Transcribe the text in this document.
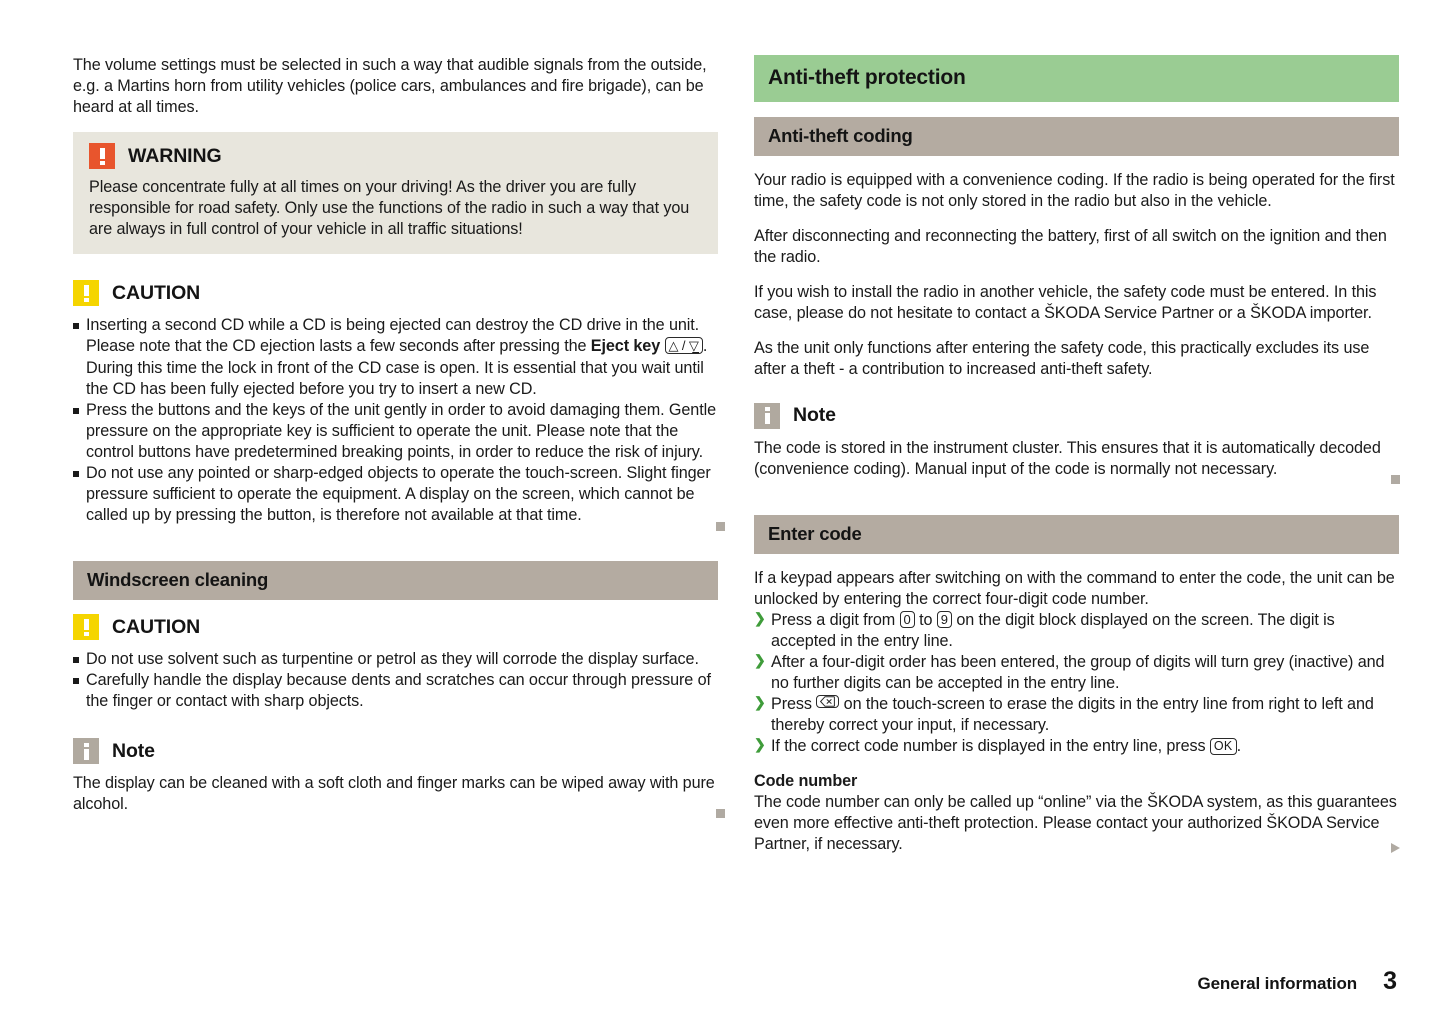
The volume settings must be selected in such a way that audible signals from the outside, e.g. a Martins horn from utility vehicles (police cars, ambulances and fire brigade), can be heard at all times.

WARNING
Please concentrate fully at all times on your driving! As the driver you are fully responsible for road safety. Only use the functions of the radio in such a way that you are always in full control of your vehicle in all traffic situations!
CAUTION
Inserting a second CD while a CD is being ejected can destroy the CD drive in the unit. Please note that the CD ejection lasts a few seconds after pressing the Eject key △ / ▽̲ . During this time the lock in front of the CD case is open. It is essential that you wait until the CD has been fully ejected before you try to insert a new CD.
Press the buttons and the keys of the unit gently in order to avoid damaging them. Gentle pressure on the appropriate key is sufficient to operate the unit. Please note that the control buttons have predetermined breaking points, in order to reduce the risk of injury.
Do not use any pointed or sharp-edged objects to operate the touch-screen. Slight finger pressure sufficient to operate the equipment. A display on the screen, which cannot be called up by pressing the button, is therefore not available at that time.
Windscreen cleaning
CAUTION
Do not use solvent such as turpentine or petrol as they will corrode the display surface.
Carefully handle the display because dents and scratches can occur through pressure of the finger or contact with sharp objects.
Note
The display can be cleaned with a soft cloth and finger marks can be wiped away with pure alcohol.
Anti-theft protection
Anti-theft coding

Your radio is equipped with a convenience coding. If the radio is being operated for the first time, the safety code is not only stored in the radio but also in the vehicle.

After disconnecting and reconnecting the battery, first of all switch on the ignition and then the radio.

If you wish to install the radio in another vehicle, the safety code must be entered. In this case, please do not hesitate to contact a ŠKODA Service Partner or a ŠKODA importer.

As the unit only functions after entering the safety code, this practically excludes its use after a theft - a contribution to increased anti-theft safety.

Note
The code is stored in the instrument cluster. This ensures that it is automatically decoded (convenience coding). Manual input of the code is normally not necessary.
Enter code

If a keypad appears after switching on with the command to enter the code, the unit can be unlocked by entering the correct four-digit code number.

❯ Press a digit from 0 to 9 on the digit block displayed on the screen. The digit is accepted in the entry line.
❯ After a four-digit order has been entered, the group of digits will turn grey (inactive) and no further digits can be accepted in the entry line.
❯ Press
on the touch-screen to erase the digits in the entry line from right to left and thereby correct your input, if necessary.
❯ If the correct code number is displayed in the entry line, press OK .

Code number

The code number can only be called up “online” via the ŠKODA system, as this guarantees even more effective anti-theft protection. Please contact your authorized ŠKODA Service Partner, if necessary.

General information 3
